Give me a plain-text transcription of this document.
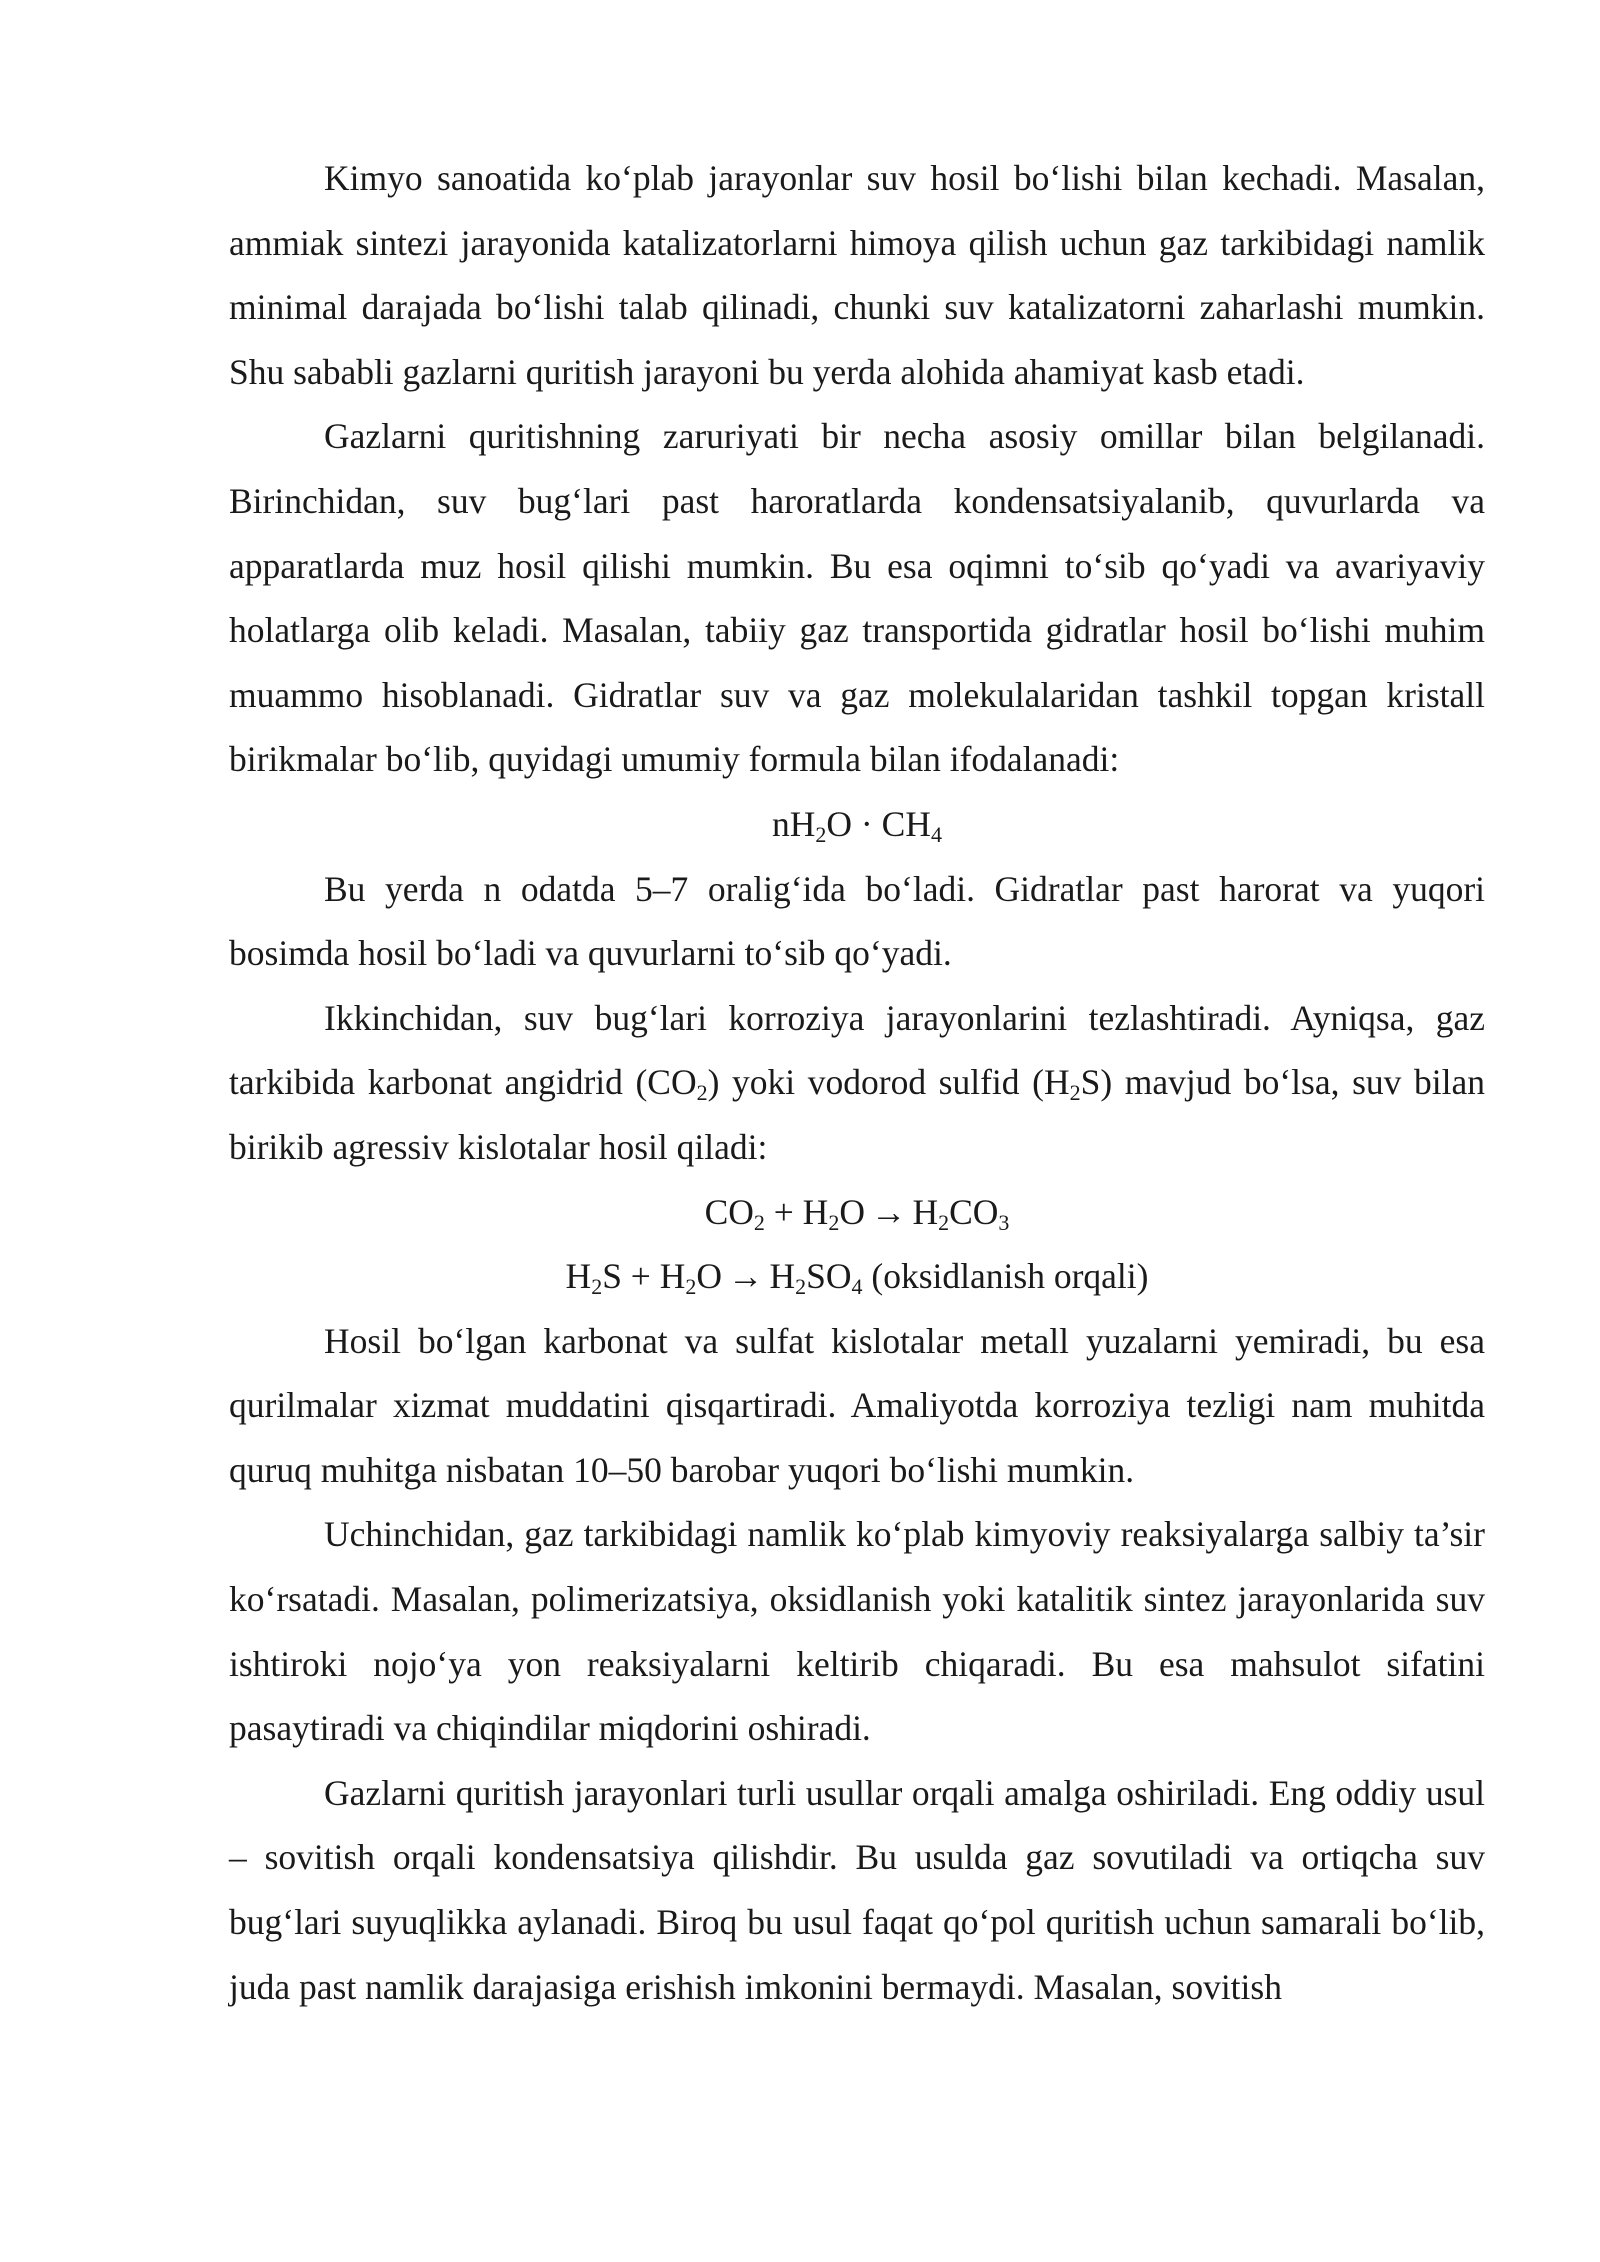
Kimyo sanoatida ko‘plab jarayonlar suv hosil bo‘lishi bilan kechadi. Masalan, ammiak sintezi jarayonida katalizatorlarni himoya qilish uchun gaz tarkibidagi namlik minimal darajada bo‘lishi talab qilinadi, chunki suv katalizatorni zaharlashi mumkin. Shu sababli gazlarni quritish jarayoni bu yerda alohida ahamiyat kasb etadi.

Gazlarni quritishning zaruriyati bir necha asosiy omillar bilan belgilanadi. Birinchidan, suv bug‘lari past haroratlarda kondensatsiyalanib, quvurlarda va apparatlarda muz hosil qilishi mumkin. Bu esa oqimni to‘sib qo‘yadi va avariyaviy holatlarga olib keladi. Masalan, tabiiy gaz transportida gidratlar hosil bo‘lishi muhim muammo hisoblanadi. Gidratlar suv va gaz molekulalaridan tashkil topgan kristall birikmalar bo‘lib, quyidagi umumiy formula bilan ifodalanadi:

$nH_2O \cdot CH_4$

Bu yerda n odatda 5–7 oralig‘ida bo‘ladi. Gidratlar past harorat va yuqori bosimda hosil bo‘ladi va quvurlarni to‘sib qo‘yadi.

Ikkinchidan, suv bug‘lari korroziya jarayonlarini tezlashtiradi. Ayniqsa, gaz tarkibida karbonat angidrid $(CO_2)$ yoki vodorod sulfid $(H_2S)$ mavjud bo‘lsa, suv bilan birikib agressiv kislotalar hosil qiladi:

$CO_2 + H_2O \to H_2CO_3$

$H_2S + H_2O \to H_2SO_4$ (oksidlanish orqali)

Hosil bo‘lgan karbonat va sulfat kislotalar metall yuzalarni yemiradi, bu esa qurilmalar xizmat muddatini qisqartiradi. Amaliyotda korroziya tezligi nam muhitda quruq muhitga nisbatan 10–50 barobar yuqori bo‘lishi mumkin.

Uchinchidan, gaz tarkibidagi namlik ko‘plab kimyoviy reaksiyalarga salbiy ta’sir ko‘rsatadi. Masalan, polimerizatsiya, oksidlanish yoki katalitik sintez jarayonlarida suv ishtiroki nojo‘ya yon reaksiyalarni keltirib chiqaradi. Bu esa mahsulot sifatini pasaytiradi va chiqindilar miqdorini oshiradi.

Gazlarni quritish jarayonlari turli usullar orqali amalga oshiriladi. Eng oddiy usul – sovitish orqali kondensatsiya qilishdir. Bu usulda gaz sovutiladi va ortiqcha suv bug‘lari suyuqlikka aylanadi. Biroq bu usul faqat qo‘pol quritish uchun samarali bo‘lib, juda past namlik darajasiga erishish imkonini bermaydi. Masalan, sovitish
